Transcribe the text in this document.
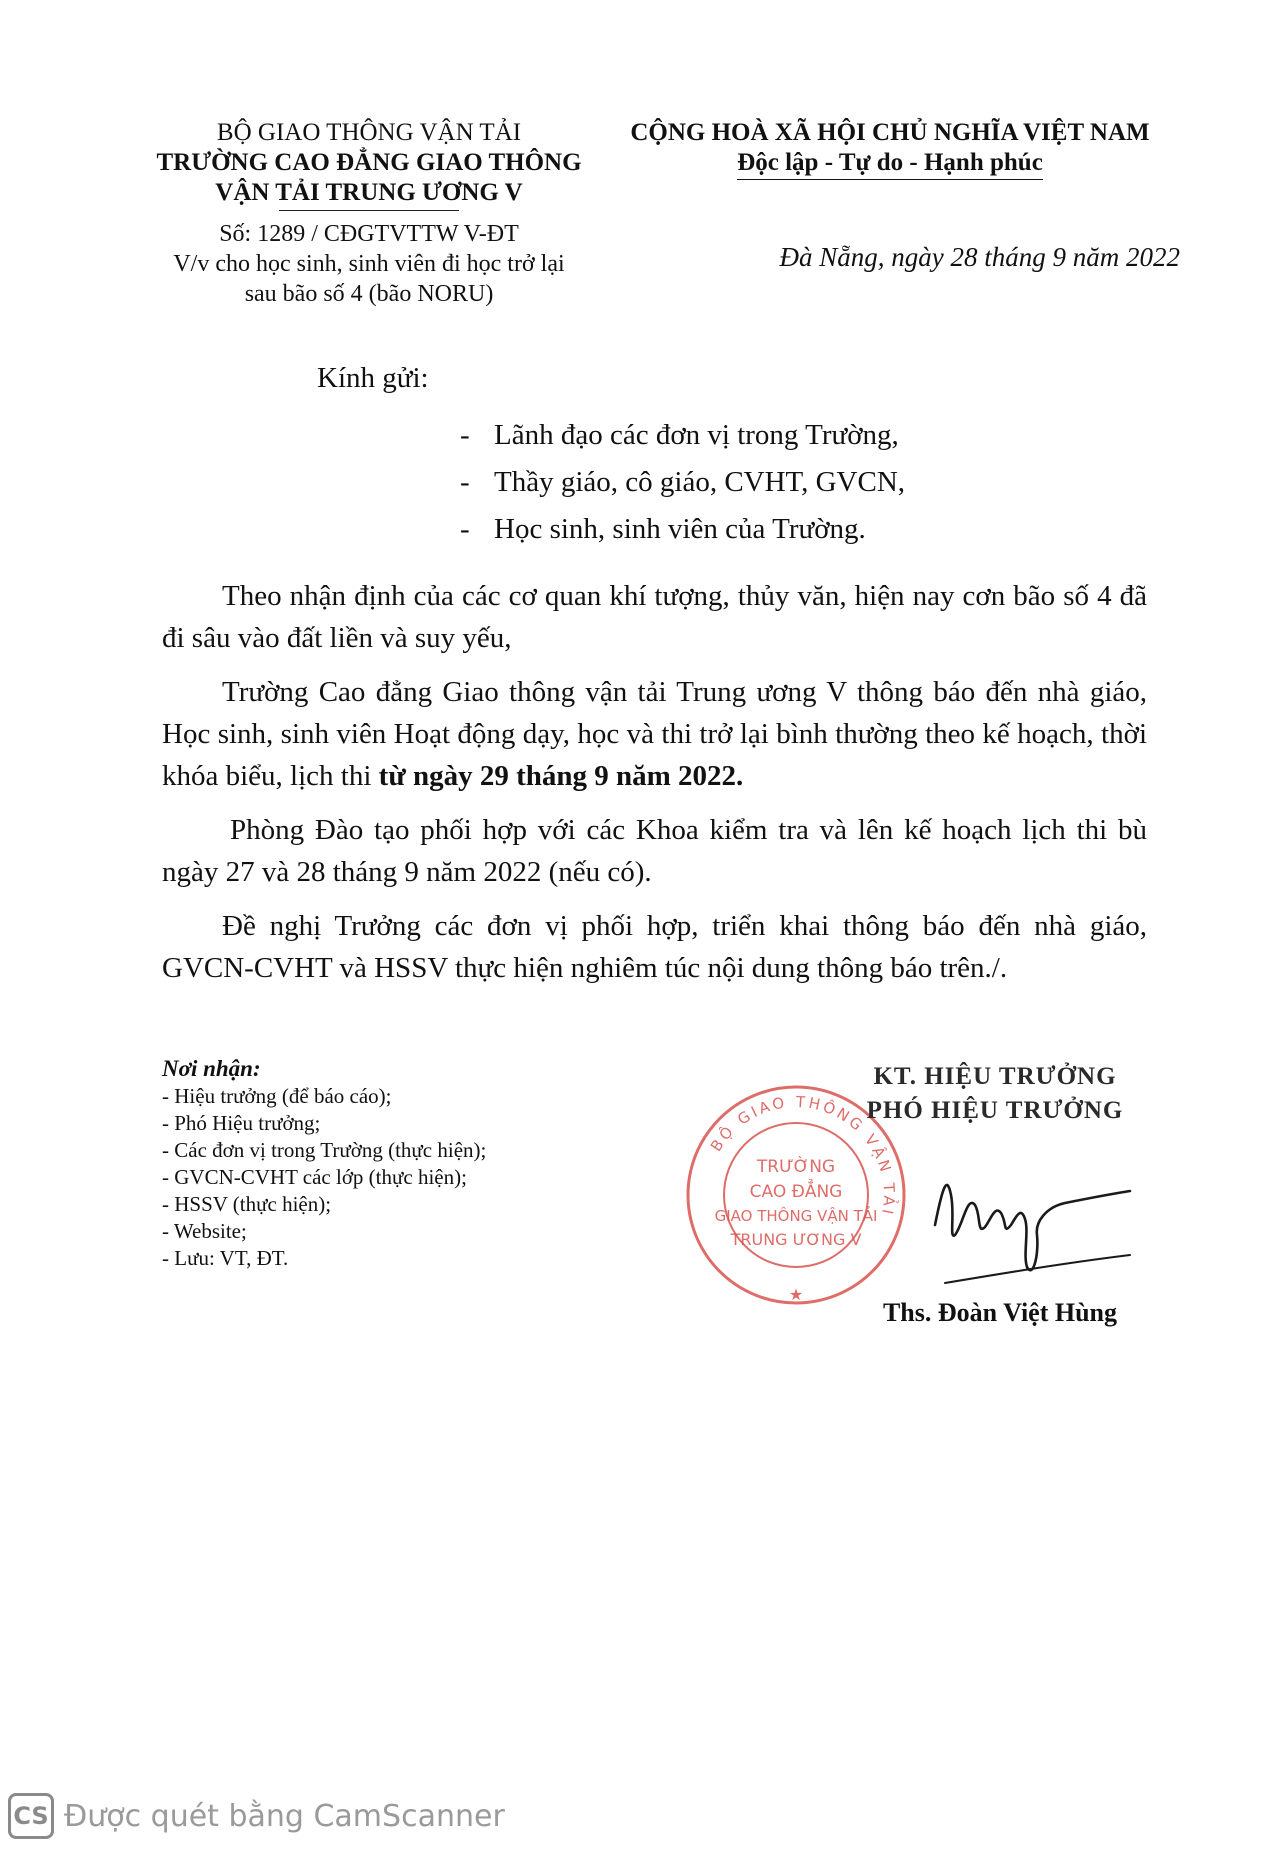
BỘ GIAO THÔNG VẬN TẢI
TRƯỜNG CAO ĐẲNG GIAO THÔNG
VẬN TẢI TRUNG ƯƠNG V
Số: 1289 / CĐGTVTTW V-ĐT
V/v cho học sinh, sinh viên đi học trở lại
sau bão số 4 (bão NORU)
CỘNG HOÀ XÃ HỘI CHỦ NGHĨA VIỆT NAM
Độc lập - Tự do - Hạnh phúc
Đà Nẵng, ngày 28 tháng 9 năm 2022
Kính gửi:
- Lãnh đạo các đơn vị trong Trường,
- Thầy giáo, cô giáo, CVHT, GVCN,
- Học sinh, sinh viên của Trường.

Theo nhận định của các cơ quan khí tượng, thủy văn, hiện nay cơn bão số 4 đã đi sâu vào đất liền và suy yếu,

Trường Cao đẳng Giao thông vận tải Trung ương V thông báo đến nhà giáo, Học sinh, sinh viên Hoạt động dạy, học và thi trở lại bình thường theo kế hoạch, thời khóa biểu, lịch thi từ ngày 29 tháng 9 năm 2022.

Phòng Đào tạo phối hợp với các Khoa kiểm tra và lên kế hoạch lịch thi bù ngày 27 và 28 tháng 9 năm 2022 (nếu có).

Đề nghị Trưởng các đơn vị phối hợp, triển khai thông báo đến nhà giáo, GVCN-CVHT và HSSV thực hiện nghiêm túc nội dung thông báo trên./.

Nơi nhận:
- Hiệu trưởng (để báo cáo);
- Phó Hiệu trưởng;
- Các đơn vị trong Trường (thực hiện);
- GVCN-CVHT các lớp (thực hiện);
- HSSV (thực hiện);
- Website;
- Lưu: VT, ĐT.
BỘ GIAO THÔNG VẬN TẢI
TRƯỜNG
CAO ĐẲNG
GIAO THÔNG VẬN TẢI
TRUNG ƯƠNG V
★
KT. HIỆU TRƯỞNG
PHÓ HIỆU TRƯỞNG
Ths. Đoàn Việt Hùng
CS Được quét bằng CamScanner
